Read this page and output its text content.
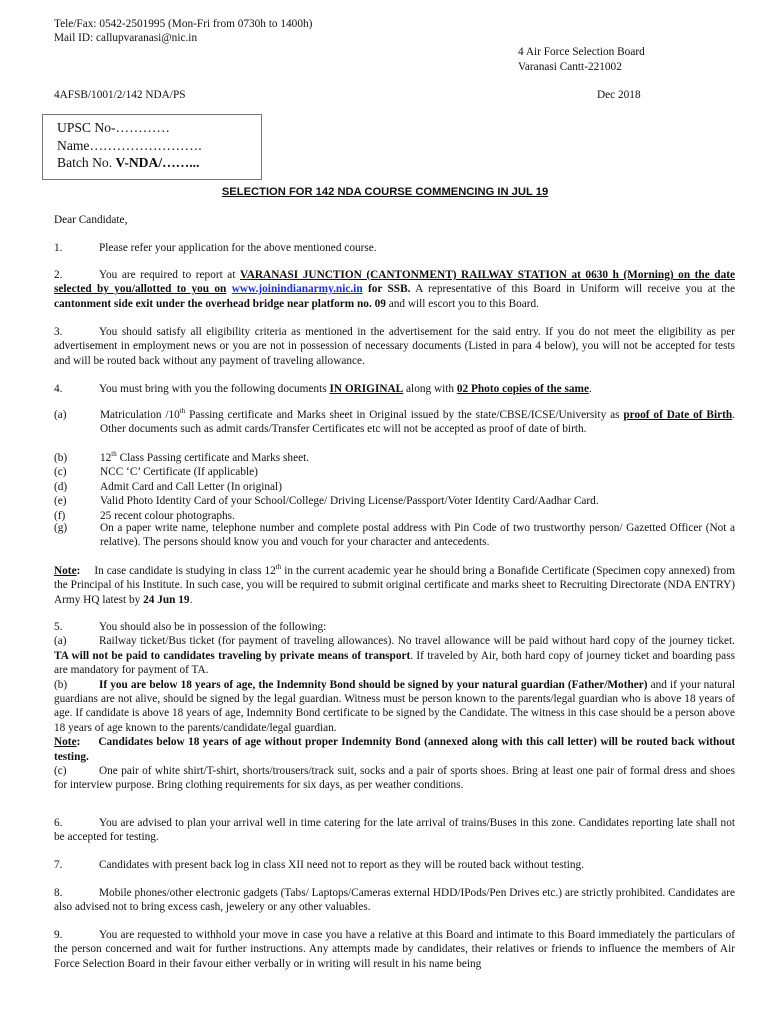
Tele/Fax: 0542-2501995 (Mon-Fri from 0730h to 1400h)
Mail ID: callupvaranasi@nic.in
4 Air Force Selection Board
Varanasi Cantt-221002
4AFSB/1001/2/142 NDA/PS	Dec 2018
UPSC No-…………
Name…………………….
Batch No. V-NDA/……...
SELECTION FOR 142 NDA COURSE COMMENCING IN JUL 19
Dear Candidate,
1.	Please refer your application for the above mentioned course.
2.	You are required to report at VARANASI JUNCTION (CANTONMENT) RAILWAY STATION at 0630 h (Morning) on the date selected by you/allotted to you on www.joinindianarmy.nic.in for SSB. A representative of this Board in Uniform will receive you at the cantonment side exit under the overhead bridge near platform no. 09 and will escort you to this Board.
3.	You should satisfy all eligibility criteria as mentioned in the advertisement for the said entry. If you do not meet the eligibility as per advertisement in employment news or you are not in possession of necessary documents (Listed in para 4 below), you will not be accepted for tests and will be routed back without any payment of traveling allowance.
4.	You must bring with you the following documents IN ORIGINAL along with 02 Photo copies of the same.
(a)	Matriculation /10th Passing certificate and Marks sheet in Original issued by the state/CBSE/ICSE/University as proof of Date of Birth. Other documents such as admit cards/Transfer Certificates etc will not be accepted as proof of date of birth.
(b)	12th Class Passing certificate and Marks sheet.
(c)	NCC ‘C’ Certificate (If applicable)
(d)	Admit Card and Call Letter (In original)
(e)	Valid Photo Identity Card of your School/College/ Driving License/Passport/Voter Identity Card/Aadhar Card.
(f)	25 recent colour photographs.
(g)	On a paper write name, telephone number and complete postal address with Pin Code of two trustworthy person/ Gazetted Officer (Not a relative). The persons should know you and vouch for your character and antecedents.
Note: In case candidate is studying in class 12th in the current academic year he should bring a Bonafide Certificate (Specimen copy annexed) from the Principal of his Institute. In such case, you will be required to submit original certificate and marks sheet to Recruiting Directorate (NDA ENTRY) Army HQ latest by 24 Jun 19.
5.	You should also be in possession of the following:
(a)	Railway ticket/Bus ticket (for payment of traveling allowances). No travel allowance will be paid without hard copy of the journey ticket. TA will not be paid to candidates traveling by private means of transport. If traveled by Air, both hard copy of journey ticket and boarding pass are mandatory for payment of TA.
(b)	If you are below 18 years of age, the Indemnity Bond should be signed by your natural guardian (Father/Mother) and if your natural guardians are not alive, should be signed by the legal guardian. Witness must be person known to the parents/legal guardian who is above 18 years of age. If candidate is above 18 years of age, Indemnity Bond certificate to be signed by the Candidate. The witness in this case should be a person above 18 years of age known to the parents/candidate/legal guardian.
Note: Candidates below 18 years of age without proper Indemnity Bond (annexed along with this call letter) will be routed back without testing.
(c)	One pair of white shirt/T-shirt, shorts/trousers/track suit, socks and a pair of sports shoes. Bring at least one pair of formal dress and shoes for interview purpose. Bring clothing requirements for six days, as per weather conditions.
6.	You are advised to plan your arrival well in time catering for the late arrival of trains/Buses in this zone. Candidates reporting late shall not be accepted for testing.
7.	Candidates with present back log in class XII need not to report as they will be routed back without testing.
8.	Mobile phones/other electronic gadgets (Tabs/ Laptops/Cameras external HDD/IPods/Pen Drives etc.) are strictly prohibited. Candidates are also advised not to bring excess cash, jewelery or any other valuables.
9.	You are requested to withhold your move in case you have a relative at this Board and intimate to this Board immediately the particulars of the person concerned and wait for further instructions. Any attempts made by candidates, their relatives or friends to influence the members of Air Force Selection Board in their favour either verbally or in writing will result in his name being
